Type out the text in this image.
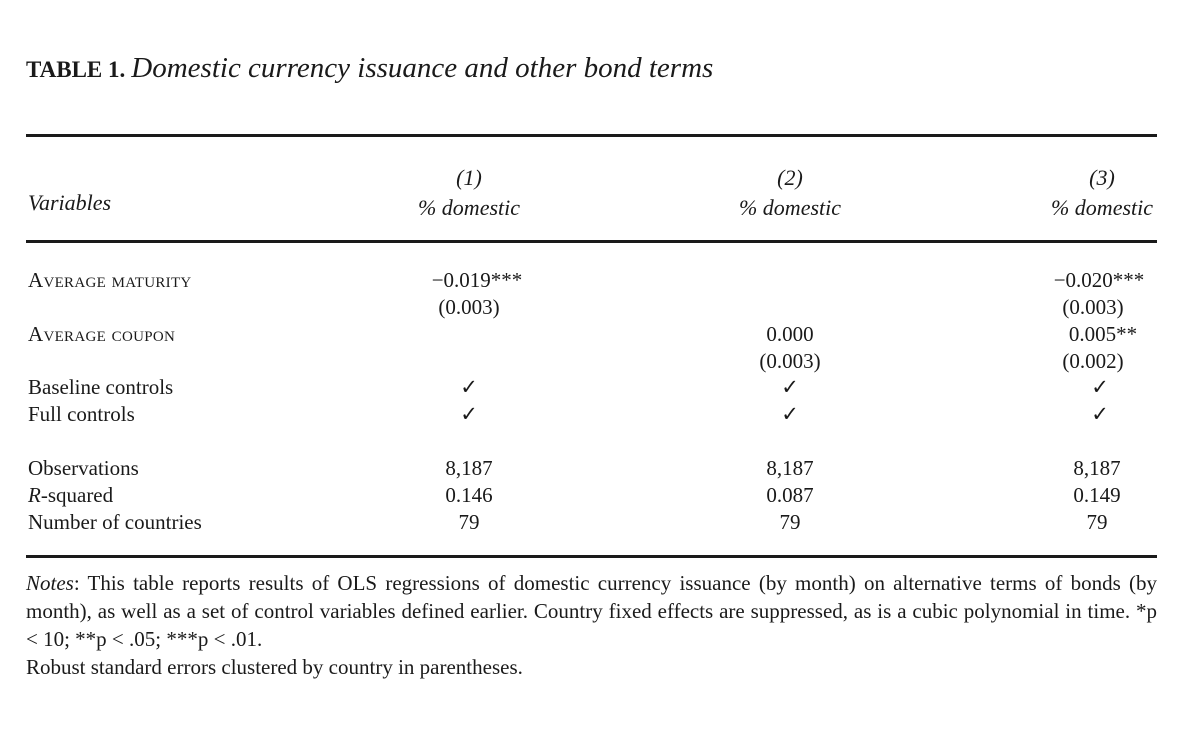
TABLE 1. Domestic currency issuance and other bond terms
Variables
(1)
% domestic
(2)
% domestic
(3)
% domestic
Average maturity
Average coupon
Baseline controls
Full controls
Observations
R-squared
Number of countries
−0.019***
(0.003)
✓
✓
8,187
0.146
79
0.000
(0.003)
✓
✓
8,187
0.087
79
−0.020***
(0.003)
0.005**
(0.002)
✓
✓
8,187
0.149
79
Notes: This table reports results of OLS regressions of domestic currency issuance (by month) on alternative terms of bonds (by month), as well as a set of control variables defined earlier. Country fixed effects are suppressed, as is a cubic polynomial in time. *p < 10; **p < .05; ***p < .01.
Robust standard errors clustered by country in parentheses.
